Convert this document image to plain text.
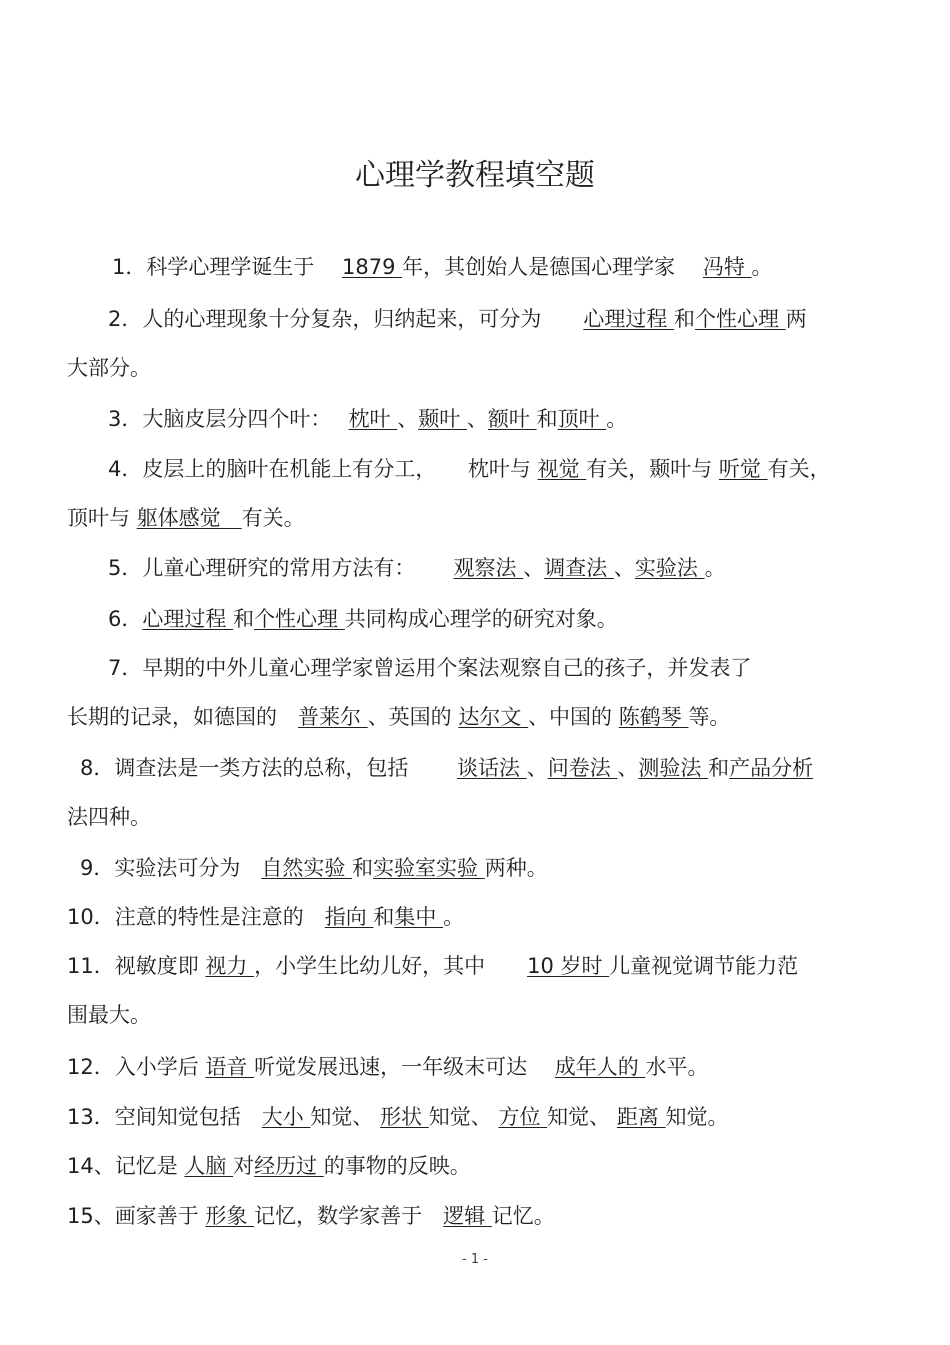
心理学教程填空题
1．科学心理学诞生于　 1879 年，其创始人是德国心理学家　 冯特 。
2．人的心理现象十分复杂，归纳起来，可分为　　心理过程 和个性心理 两
大部分。
3．大脑皮层分四个叶：　 枕叶 、颞叶 、额叶 和顶叶 。
4．皮层上的脑叶在机能上有分工，　　枕叶与 视觉 有关，颞叶与 听觉 有关，
顶叶与 躯体感觉　有关。
5．儿童心理研究的常用方法有：　 　观察法 、调查法 、实验法 。
6．心理过程 和个性心理 共同构成心理学的研究对象。
7．早期的中外儿童心理学家曾运用个案法观察自己的孩子，并发表了
长期的记录，如德国的　普莱尔 、英国的 达尔文 、中国的 陈鹤琴 等。
8．调查法是一类方法的总称，包括　 　谈话法 、问卷法 、测验法 和产品分析
法四种。
9．实验法可分为　自然实验 和实验室实验 两种。
10．注意的特性是注意的　指向 和集中 。
11．视敏度即 视力 ，小学生比幼儿好，其中　　10 岁时 儿童视觉调节能力范
围最大。
12．入小学后 语音 听觉发展迅速，一年级末可达　 成年人的 水平。
13．空间知觉包括　大小 知觉、 形状 知觉、 方位 知觉、 距离 知觉。
14、记忆是 人脑 对经历过 的事物的反映。
15、画家善于 形象 记忆，数学家善于　逻辑 记忆。
- 1 -
